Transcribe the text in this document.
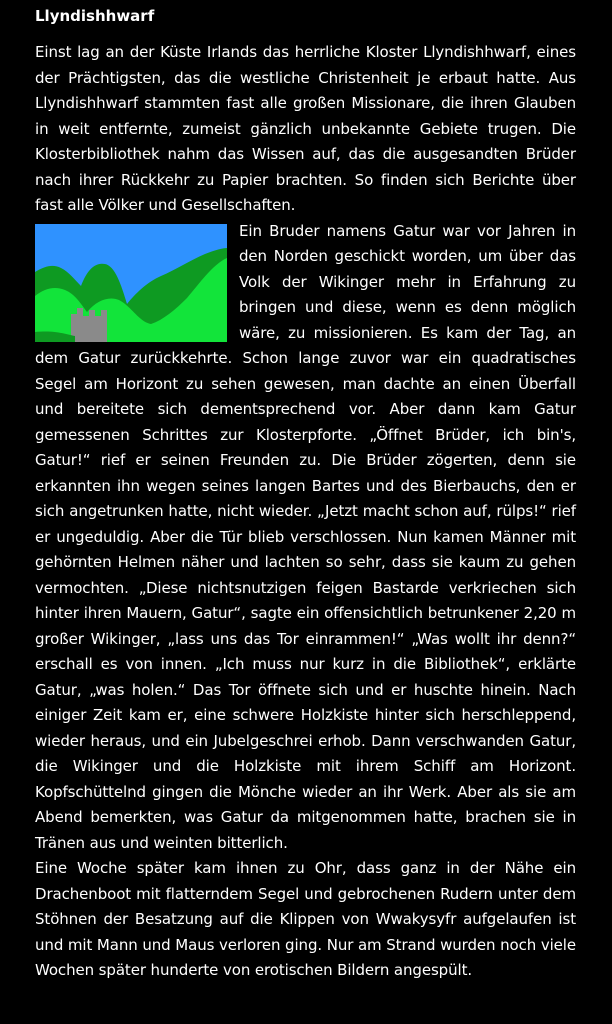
Llyndishhwarf

Einst lag an der Küste Irlands das herrliche Kloster Llyndishhwarf, eines der Prächtigsten, das die westliche Christenheit je erbaut hatte. Aus Llyndishhwarf stammten fast alle großen Missionare, die ihren Glauben in weit entfernte, zumeist gänzlich unbekannte Gebiete trugen. Die Klosterbibliothek nahm das Wissen auf, das die ausgesandten Brüder nach ihrer Rückkehr zu Papier brachten. So finden sich Berichte über fast alle Völker und Gesellschaften.

Ein Bruder namens Gatur war vor Jahren in den Norden geschickt worden, um über das Volk der Wikinger mehr in Erfahrung zu bringen und diese, wenn es denn möglich wäre, zu missionieren. Es kam der Tag, an dem Gatur zurückkehrte. Schon lange zuvor war ein quadratisches Segel am Horizont zu sehen gewesen, man dachte an einen Überfall und bereitete sich dementsprechend vor. Aber dann kam Gatur gemessenen Schrittes zur Klosterpforte. „Öffnet Brüder, ich bin's, Gatur!“ rief er seinen Freunden zu. Die Brüder zögerten, denn sie erkannten ihn wegen seines langen Bartes und des Bierbauchs, den er sich angetrunken hatte, nicht wieder. „Jetzt macht schon auf, rülps!“ rief er ungeduldig. Aber die Tür blieb verschlossen. Nun kamen Männer mit gehörnten Helmen näher und lachten so sehr, dass sie kaum zu gehen vermochten. „Diese nichtsnutzigen feigen Bastarde verkriechen sich hinter ihren Mauern, Gatur“, sagte ein offensichtlich betrunkener 2,20 m großer Wikinger, „lass uns das Tor einrammen!“ „Was wollt ihr denn?“ erschall es von innen. „Ich muss nur kurz in die Bibliothek“, erklärte Gatur, „was holen.“ Das Tor öffnete sich und er huschte hinein. Nach einiger Zeit kam er, eine schwere Holzkiste hinter sich herschleppend, wieder heraus, und ein Jubelgeschrei erhob. Dann verschwanden Gatur, die Wikinger und die Holzkiste mit ihrem Schiff am Horizont. Kopfschüttelnd gingen die Mönche wieder an ihr Werk. Aber als sie am Abend bemerkten, was Gatur da mitgenommen hatte, brachen sie in Tränen aus und weinten bitterlich.

Eine Woche später kam ihnen zu Ohr, dass ganz in der Nähe ein Drachenboot mit flatterndem Segel und gebrochenen Rudern unter dem Stöhnen der Besatzung auf die Klippen von Wwakysyfr aufgelaufen ist und mit Mann und Maus verloren ging. Nur am Strand wurden noch viele Wochen später hunderte von erotischen Bildern angespült.
